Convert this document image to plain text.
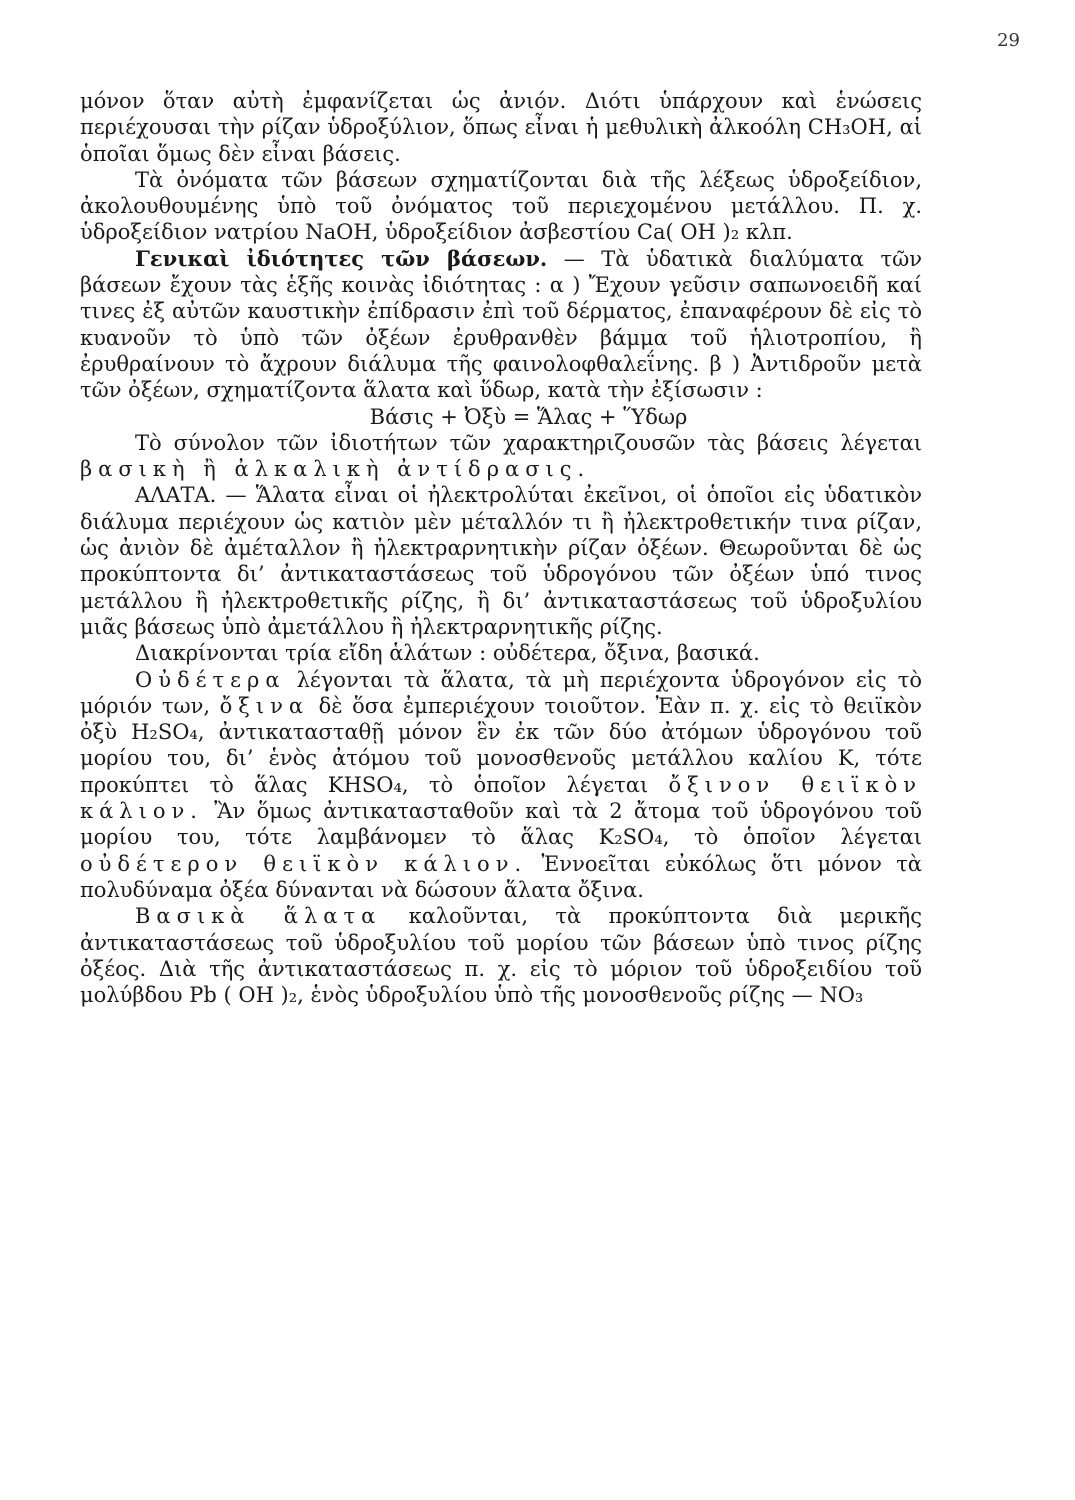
29

μόνον ὅταν αὐτὴ ἐμφανίζεται ὡς ἀνιόν. Διότι ὑπάρχουν καὶ ἑνώσεις περιέχουσαι τὴν ρίζαν ὑδροξύλιον, ὅπως εἶναι ἡ μεθυλικὴ ἀλκοόλη CH₃OH, αἱ ὁποῖαι ὅμως δὲν εἶναι βάσεις.

Τὰ ὀνόματα τῶν βάσεων σχηματίζονται διὰ τῆς λέξεως ὑδροξείδιον, ἀκολουθουμένης ὑπὸ τοῦ ὀνόματος τοῦ περιεχομένου μετάλλου. Π. χ. ὑδροξείδιον νατρίου NaOH, ὑδροξείδιον ἀσβεστίου Ca( OH )₂ κλπ.

Γενικαὶ ἰδιότητες τῶν βάσεων. — Τὰ ὑδατικὰ διαλύματα τῶν βάσεων ἔχουν τὰς ἑξῆς κοινὰς ἰδιότητας : α ) Ἔχουν γεῦσιν σαπωνοειδῆ καί τινες ἐξ αὐτῶν καυστικὴν ἐπίδρασιν ἐπὶ τοῦ δέρματος, ἐπαναφέρουν δὲ εἰς τὸ κυανοῦν τὸ ὑπὸ τῶν ὀξέων ἐρυθρανθὲν βάμμα τοῦ ἡλιοτροπίου, ἢ ἐρυθραίνουν τὸ ἄχρουν διάλυμα τῆς φαινολοφθαλεΐνης. β ) Ἀντιδροῦν μετὰ τῶν ὀξέων, σχηματίζοντα ἅλατα καὶ ὕδωρ, κατὰ τὴν ἐξίσωσιν :

Βάσις + Ὀξὺ = Ἅλας + Ὕδωρ

Τὸ σύνολον τῶν ἰδιοτήτων τῶν χαρακτηριζουσῶν τὰς βάσεις λέγεται βασικὴ ἢ ἀλκαλικὴ ἀντίδρασις.

ΑΛΑΤΑ. — Ἅλατα εἶναι οἱ ἠλεκτρολύται ἐκεῖνοι, οἱ ὁποῖοι εἰς ὑδατικὸν διάλυμα περιέχουν ὡς κατιὸν μὲν μέταλλόν τι ἢ ἠλεκτροθετικήν τινα ρίζαν, ὡς ἀνιὸν δὲ ἀμέταλλον ἢ ἠλεκτραρνητικὴν ρίζαν ὀξέων. Θεωροῦνται δὲ ὡς προκύπτοντα δι’ ἀντικαταστάσεως τοῦ ὑδρογόνου τῶν ὀξέων ὑπό τινος μετάλλου ἢ ἠλεκτροθετικῆς ρίζης, ἢ δι’ ἀντικαταστάσεως τοῦ ὑδροξυλίου μιᾶς βάσεως ὑπὸ ἀμετάλλου ἢ ἠλεκτραρνητικῆς ρίζης.

Διακρίνονται τρία εἴδη ἁλάτων : οὐδέτερα, ὄξινα, βασικά.

Οὐδέτερα λέγονται τὰ ἅλατα, τὰ μὴ περιέχοντα ὑδρογόνον εἰς τὸ μόριόν των, ὄξινα δὲ ὅσα ἐμπεριέχουν τοιοῦτον. Ἐὰν π. χ. εἰς τὸ θειϊκὸν ὀξὺ H₂SO₄, ἀντικατασταθῇ μόνον ἓν ἐκ τῶν δύο ἀτόμων ὑδρογόνου τοῦ μορίου του, δι’ ἑνὸς ἀτόμου τοῦ μονοσθενοῦς μετάλλου καλίου K, τότε προκύπτει τὸ ἅλας KHSO₄, τὸ ὁποῖον λέγεται ὄξινον θειϊκὸν κάλιον. Ἂν ὅμως ἀντικατασταθοῦν καὶ τὰ 2 ἄτομα τοῦ ὑδρογόνου τοῦ μορίου του, τότε λαμβάνομεν τὸ ἅλας K₂SO₄, τὸ ὁποῖον λέγεται οὐδέτερον θειϊκὸν κάλιον. Ἐννοεῖται εὐκόλως ὅτι μόνον τὰ πολυδύναμα ὀξέα δύνανται νὰ δώσουν ἅλατα ὄξινα.

Βασικὰ ἅλατα καλοῦνται, τὰ προκύπτοντα διὰ μερικῆς ἀντικαταστάσεως τοῦ ὑδροξυλίου τοῦ μορίου τῶν βάσεων ὑπὸ τινος ρίζης ὀξέος. Διὰ τῆς ἀντικαταστάσεως π. χ. εἰς τὸ μόριον τοῦ ὑδροξειδίου τοῦ μολύβδου Pb ( OH )₂, ἑνὸς ὑδροξυλίου ὑπὸ τῆς μονοσθενοῦς ρίζης — NO₃
